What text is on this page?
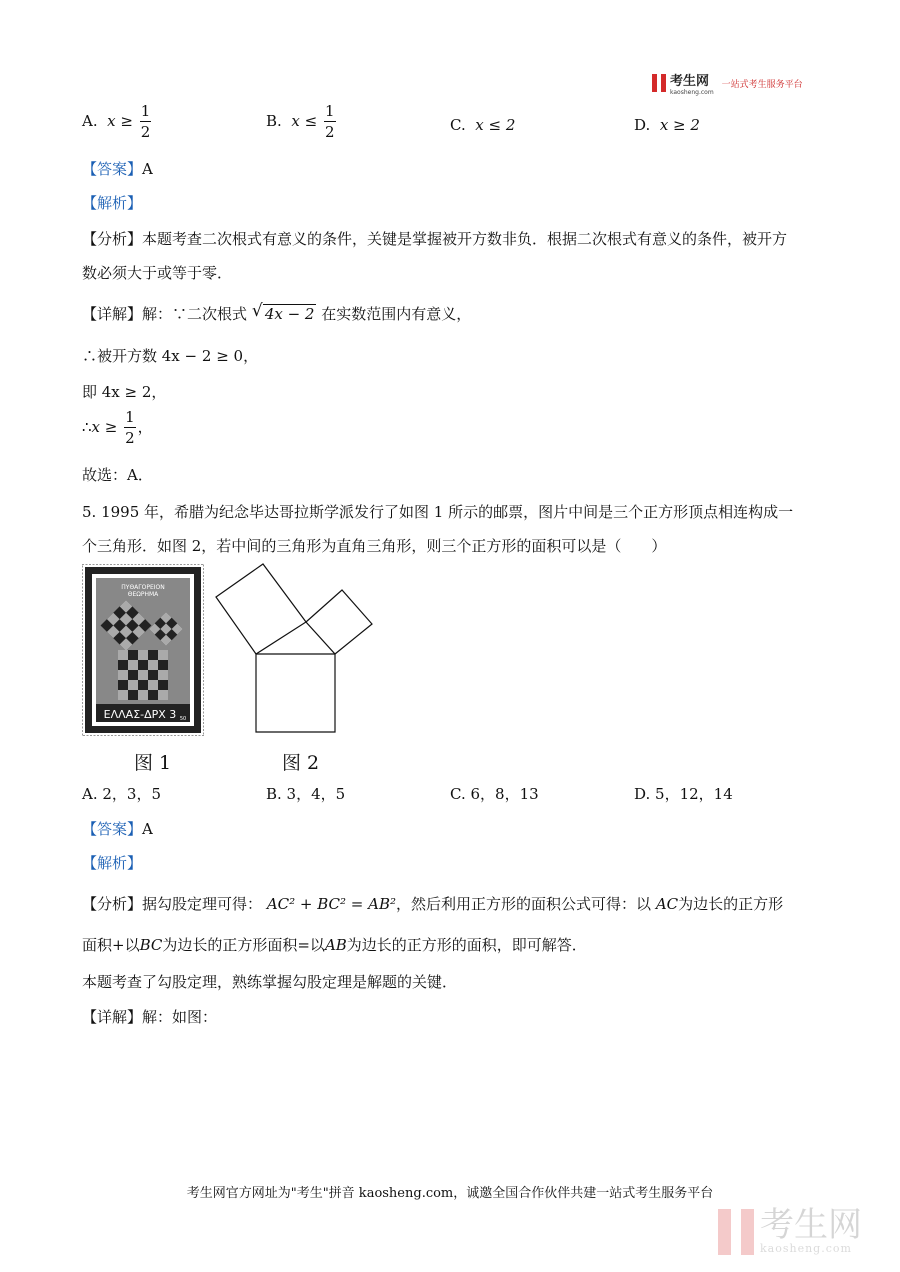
考生网
kaosheng.com
一站式考生服务平台
A. $x \ge \frac{1}{2}$	B. $x \le \frac{1}{2}$	C. x ≤ 2	D. x ≥ 2
【答案】A
【解析】
【分析】本题考查二次根式有意义的条件，关键是掌握被开方数非负．根据二次根式有意义的条件，被开方
数必须大于或等于零．
【详解】解：∵二次根式 √ 4x − 2 在实数范围内有意义，
∴被开方数 4x − 2 ≥ 0，
即 4x ≥ 2，
∴x ≥ $\frac{1}{2}$ ，
故选：A．
5. 1995 年，希腊为纪念毕达哥拉斯学派发行了如图 1 所示的邮票，图片中间是三个正方形顶点相连构成一
个三角形．如图 2，若中间的三角形为直角三角形，则三个正方形的面积可以是（　　）
ΠΥΘΑΓΟΡΕΙΟΝ
ΘΕΩΡΗΜΑ
ΕΛΛΑΣ-ΔΡΧ 3 50
图 1	图 2
A. 2，3，5	B. 3，4，5	C. 6，8，13	D. 5，12，14
【答案】A
【解析】
【分析】据勾股定理可得： AC² + BC² = AB²，然后利用正方形的面积公式可得：以 AC为边长的正方形
面积+以BC为边长的正方形面积=以AB为边长的正方形的面积，即可解答．
本题考查了勾股定理，熟练掌握勾股定理是解题的关键．
【详解】解：如图：
考生网官方网址为"考生"拼音 kaosheng.com，诚邀全国合作伙伴共建一站式考生服务平台
考生网
kaosheng.com
